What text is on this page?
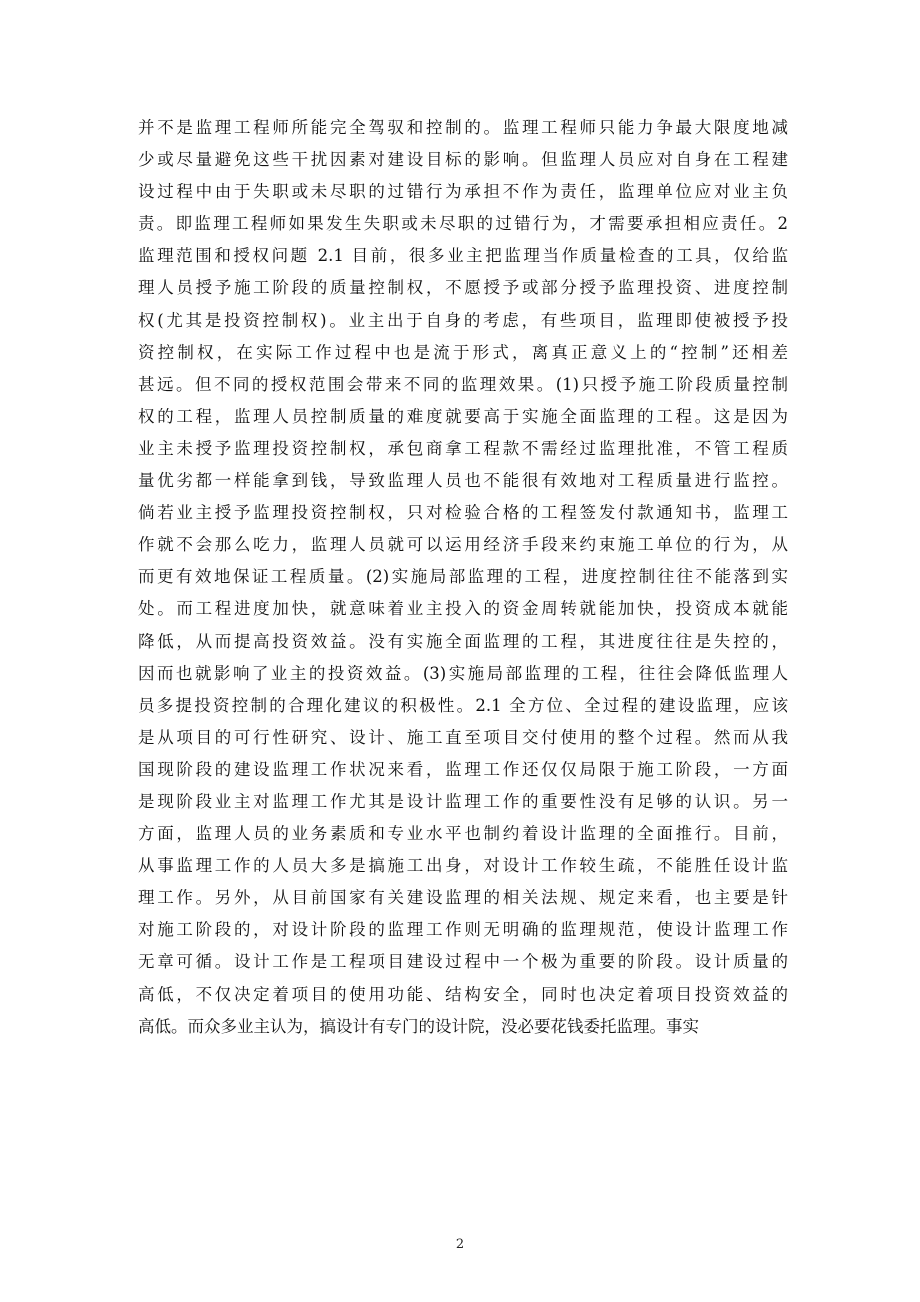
并不是监理工程师所能完全驾驭和控制的。监理工程师只能力争最大限度地减
少或尽量避免这些干扰因素对建设目标的影响。但监理人员应对自身在工程建
设过程中由于失职或未尽职的过错行为承担不作为责任，监理单位应对业主负
责。即监理工程师如果发生失职或未尽职的过错行为，才需要承担相应责任。2
监理范围和授权问题 2.1 目前，很多业主把监理当作质量检查的工具，仅给监
理人员授予施工阶段的质量控制权，不愿授予或部分授予监理投资、进度控制
权(尤其是投资控制权)。业主出于自身的考虑，有些项目，监理即使被授予投
资控制权，在实际工作过程中也是流于形式，离真正意义上的“控制”还相差
甚远。但不同的授权范围会带来不同的监理效果。(1)只授予施工阶段质量控制
权的工程，监理人员控制质量的难度就要高于实施全面监理的工程。这是因为
业主未授予监理投资控制权，承包商拿工程款不需经过监理批准，不管工程质
量优劣都一样能拿到钱，导致监理人员也不能很有效地对工程质量进行监控。
倘若业主授予监理投资控制权，只对检验合格的工程签发付款通知书，监理工
作就不会那么吃力，监理人员就可以运用经济手段来约束施工单位的行为，从
而更有效地保证工程质量。(2)实施局部监理的工程，进度控制往往不能落到实
处。而工程进度加快，就意味着业主投入的资金周转就能加快，投资成本就能
降低，从而提高投资效益。没有实施全面监理的工程，其进度往往是失控的，
因而也就影响了业主的投资效益。(3)实施局部监理的工程，往往会降低监理人
员多提投资控制的合理化建议的积极性。2.1 全方位、全过程的建设监理，应该
是从项目的可行性研究、设计、施工直至项目交付使用的整个过程。然而从我
国现阶段的建设监理工作状况来看，监理工作还仅仅局限于施工阶段，一方面
是现阶段业主对监理工作尤其是设计监理工作的重要性没有足够的认识。另一
方面，监理人员的业务素质和专业水平也制约着设计监理的全面推行。目前，
从事监理工作的人员大多是搞施工出身，对设计工作较生疏，不能胜任设计监
理工作。另外，从目前国家有关建设监理的相关法规、规定来看，也主要是针
对施工阶段的，对设计阶段的监理工作则无明确的监理规范，使设计监理工作
无章可循。设计工作是工程项目建设过程中一个极为重要的阶段。设计质量的
高低，不仅决定着项目的使用功能、结构安全，同时也决定着项目投资效益的
高低。而众多业主认为，搞设计有专门的设计院，没必要花钱委托监理。事实
2
